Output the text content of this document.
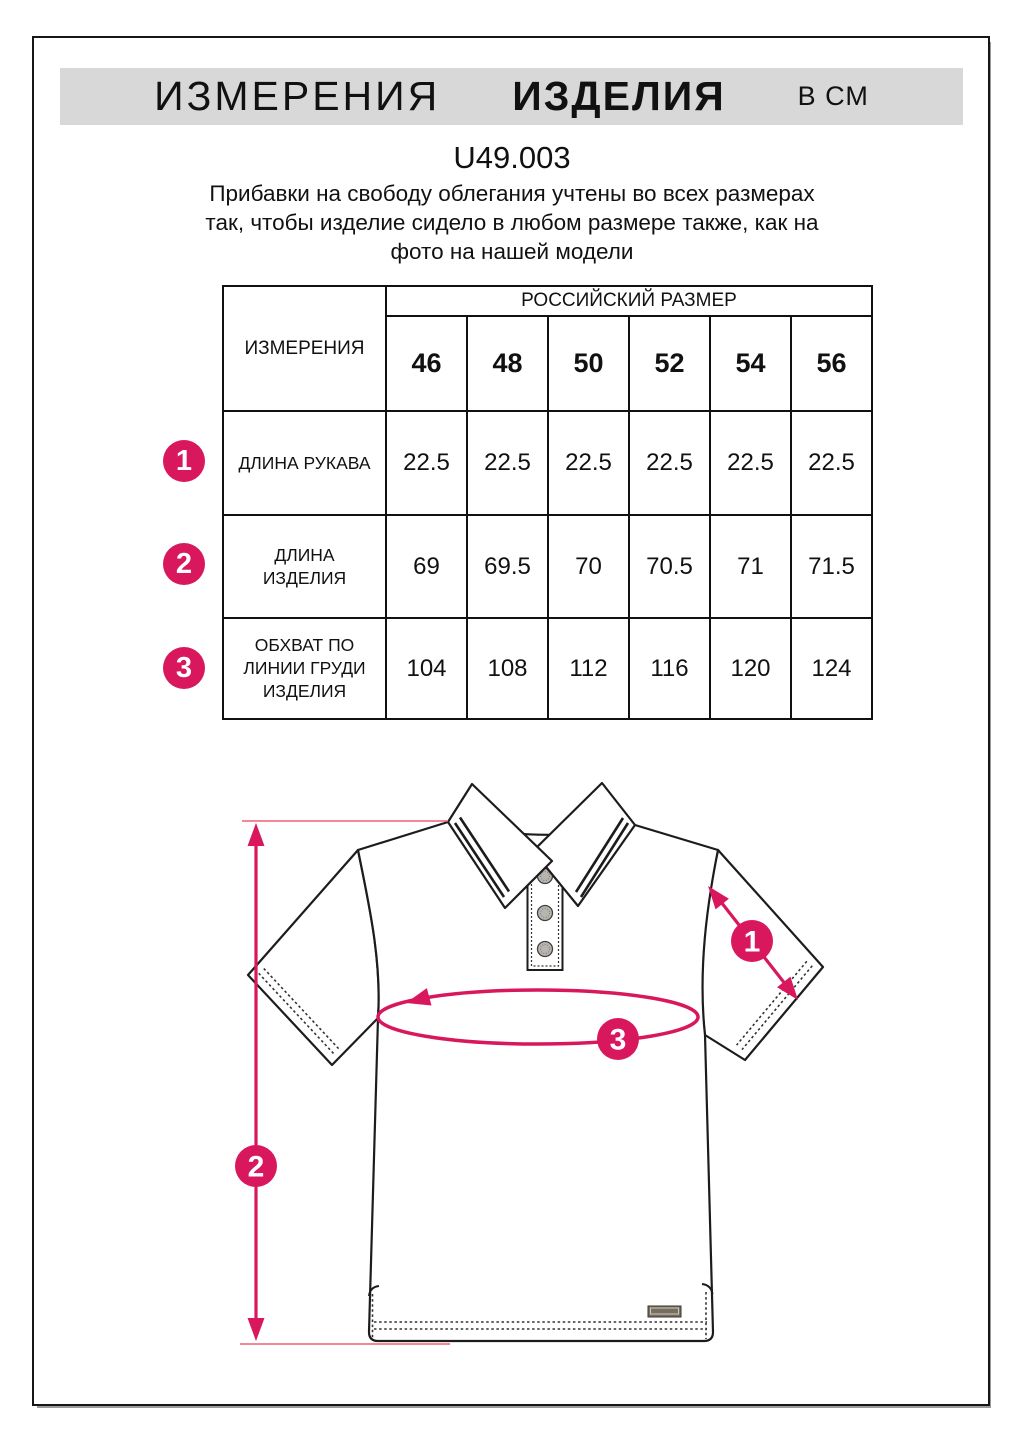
ИЗМЕРЕНИЯ ИЗДЕЛИЯ	В СМ
U49.003
Прибавки на свободу облегания учтены во всех размерах
так, чтобы изделие сидело в любом размере также, как на
фото на нашей модели
ИЗМЕРЕНИЯ	РОССИЙСКИЙ РАЗМЕР					
	46	48	50	52	54	56
ДЛИНА РУКАВА	22.5	22.5	22.5	22.5	22.5	22.5
ДЛИНА ИЗДЕЛИЯ	69	69.5	70	70.5	71	71.5
ОБХВАТ ПО ЛИНИИ ГРУДИ ИЗДЕЛИЯ	104	108	112	116	120	124
1
2
3
1
2
3
